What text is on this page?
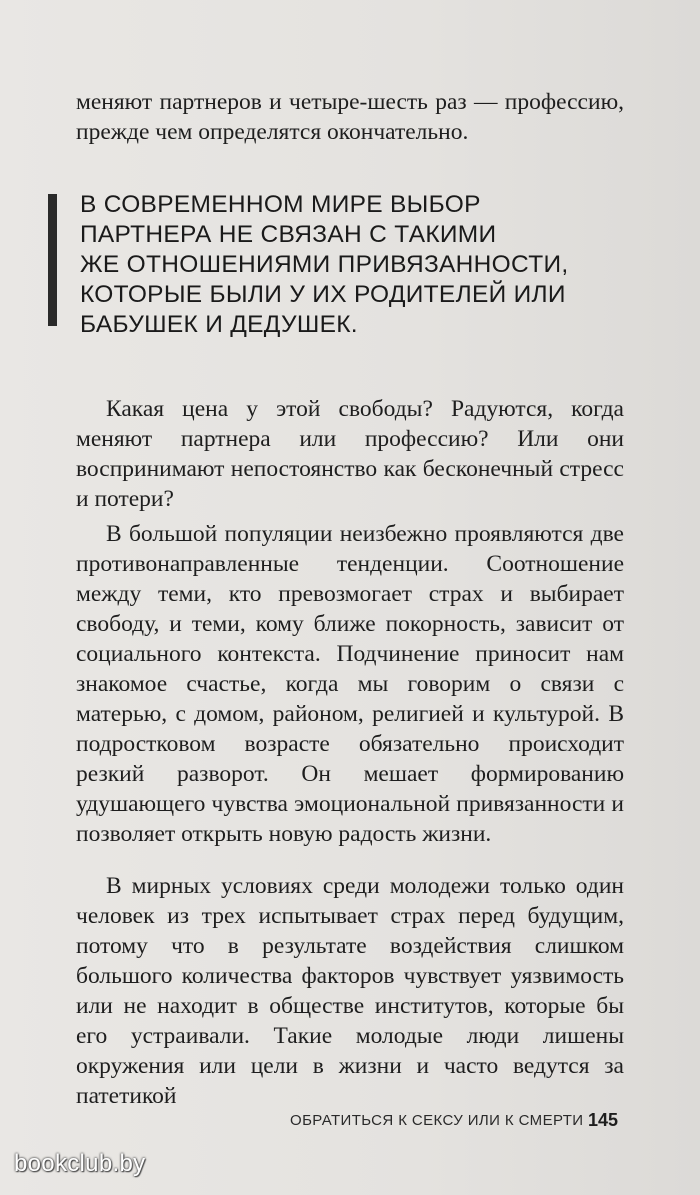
меняют партнеров и четыре-шесть раз — профессию, прежде чем определятся окончательно.

В СОВРЕМЕННОМ МИРЕ ВЫБОР
ПАРТНЕРА НЕ СВЯЗАН С ТАКИМИ
ЖЕ ОТНОШЕНИЯМИ ПРИВЯЗАННОСТИ,
КОТОРЫЕ БЫЛИ У ИХ РОДИТЕЛЕЙ ИЛИ
БАБУШЕК И ДЕДУШЕК.

Какая цена у этой свободы? Радуются, когда меняют партнера или профессию? Или они воспринимают непостоянство как бесконечный стресс и потери?

В большой популяции неизбежно проявляются две противонаправленные тенденции. Соотношение между теми, кто превозмогает страх и выбирает свободу, и теми, кому ближе покорность, зависит от социального контекста. Подчинение приносит нам знакомое счастье, когда мы говорим о связи с матерью, с домом, районом, религией и культурой. В подростковом возрасте обязательно происходит резкий разворот. Он мешает формированию удушающего чувства эмоциональной привязанности и позволяет открыть новую радость жизни.

В мирных условиях среди молодежи только один человек из трех испытывает страх перед будущим, потому что в результате воздействия слишком большого количества факторов чувствует уязвимость или не находит в обществе институтов, которые бы его устраивали. Такие молодые люди лишены окружения или цели в жизни и часто ведутся за патетикой

ОБРАТИТЬСЯ К СЕКСУ ИЛИ К СМЕРТИ 145
bookclub.by
